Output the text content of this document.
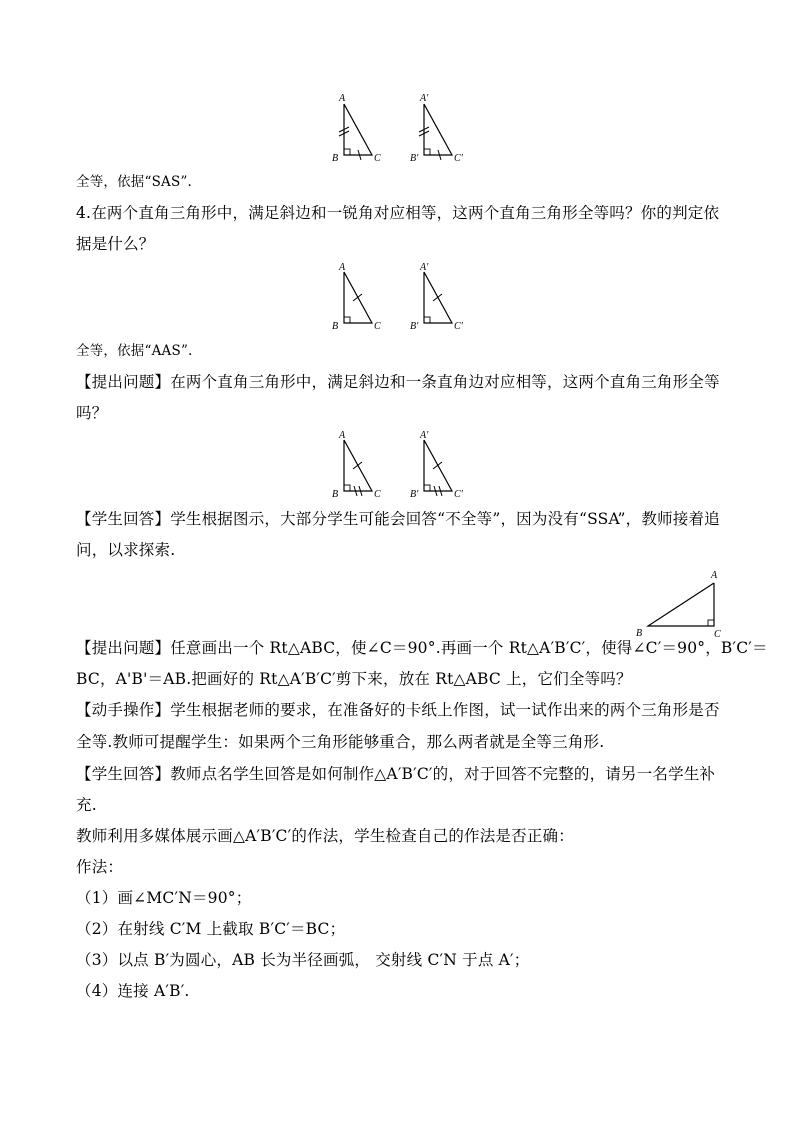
A
B	C
A′
B′	C′
全等，依据“SAS”.
4.在两个直角三角形中，满足斜边和一锐角对应相等，这两个直角三角形全等吗？你的判定依
据是什么？
A
B	C
A′
B′	C′
全等，依据“AAS”.
【提出问题】在两个直角三角形中，满足斜边和一条直角边对应相等，这两个直角三角形全等
吗？
A
B	C
A′
B′	C′
【学生回答】学生根据图示，大部分学生可能会回答“不全等”，因为没有“SSA”，教师接着追
问，以求探索.
A
B	C
【提出问题】任意画出一个 Rt△ABC，使∠C＝90°.再画一个 Rt△A′B′C′，使得∠C′＝90°，B′C′＝
BC，A'B'＝AB.把画好的 Rt△A′B′C′剪下来，放在 Rt△ABC 上，它们全等吗？
【动手操作】学生根据老师的要求，在准备好的卡纸上作图，试一试作出来的两个三角形是否
全等.教师可提醒学生：如果两个三角形能够重合，那么两者就是全等三角形.
【学生回答】教师点名学生回答是如何制作△A′B′C′的，对于回答不完整的，请另一名学生补
充.
教师利用多媒体展示画△A′B′C′的作法，学生检查自己的作法是否正确：
作法：
（1）画∠MC′N＝90°；
（2）在射线 C′M 上截取 B′C′＝BC；
（3）以点 B′为圆心，AB 长为半径画弧， 交射线 C′N 于点 A′；
（4）连接 A′B′.
